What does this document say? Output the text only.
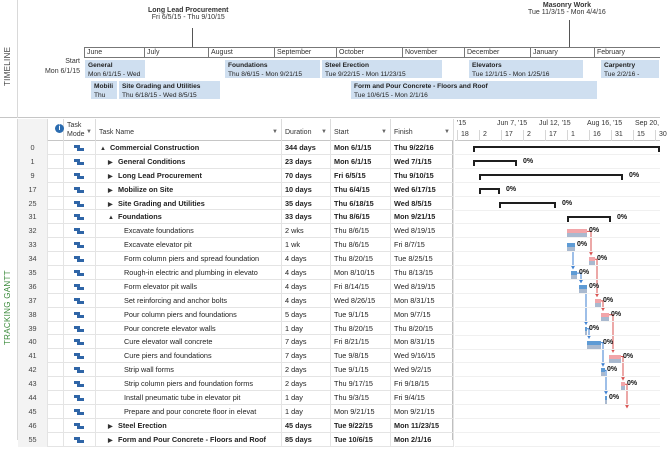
TIMELINE
Long Lead Procurement
Fri 6/5/15 - Thu 9/10/15
Masonry Work
Tue 11/3/15 - Mon 4/4/16
Start
Mon 6/1/15
June	July	August	September	October	November	December	January	February
General
Mon 6/1/15 - Wed
Mobili
Thu
Site Grading and Utilities
Thu 6/18/15 - Wed 8/5/15
Foundations
Thu 8/6/15 - Mon 9/21/15
Steel Erection
Tue 9/22/15 - Mon 11/23/15
Form and Pour Concrete - Floors and Roof
Tue 10/6/15 - Mon 2/1/16
Elevators
Tue 12/1/15 - Mon 1/25/16
Carpentry
Tue 2/2/16 -
TRACKING GANTT
i Task Mode ▼	Task Name	▼	Duration ▼	Start	▼	Finish	▼
0	▲ Commercial Construction	344 days	Mon 6/1/15	Thu 9/22/16
1	▶ General Conditions	23 days	Mon 6/1/15	Wed 7/1/15
9	▶ Long Lead Procurement	70 days	Fri 6/5/15	Thu 9/10/15
17	▶ Mobilize on Site	10 days	Thu 6/4/15	Wed 6/17/15
25	▶ Site Grading and Utilities	35 days	Thu 6/18/15	Wed 8/5/15
31	▲ Foundations	33 days	Thu 8/6/15	Mon 9/21/15
32	Excavate foundations	2 wks	Thu 8/6/15	Wed 8/19/15
33	Excavate elevator pit	1 wk	Thu 8/6/15	Fri 8/7/15
34	Form column piers and spread foundation	4 days	Thu 8/20/15	Tue 8/25/15
35	Rough-in electric and plumbing in elevato	4 days	Mon 8/10/15	Thu 8/13/15
36	Form elevator pit walls	4 days	Fri 8/14/15	Wed 8/19/15
37	Set reinforcing and anchor bolts	4 days	Wed 8/26/15	Mon 8/31/15
38	Pour column piers and foundations	5 days	Tue 9/1/15	Mon 9/7/15
39	Pour concrete elevator walls	1 day	Thu 8/20/15	Thu 8/20/15
40	Cure elevator wall concrete	7 days	Fri 8/21/15	Mon 8/31/15
41	Cure piers and foundations	7 days	Tue 9/8/15	Wed 9/16/15
42	Strip wall forms	2 days	Tue 9/1/15	Wed 9/2/15
43	Strip column piers and foundation forms	2 days	Thu 9/17/15	Fri 9/18/15
44	Install pneumatic tube in elevator pit	1 day	Thu 9/3/15	Fri 9/4/15
45	Prepare and pour concrete floor in elevat	1 day	Mon 9/21/15	Mon 9/21/15
46	▶ Steel Erection	45 days	Tue 9/22/15	Mon 11/23/15
55	▶ Form and Pour Concrete - Floors and Roof	85 days	Tue 10/6/15	Mon 2/1/16
'15	Jun 7, '15 Jul 12, '15 Aug 16, '15 Sep 20,
18 2	17 2	17 1	16 31 15 30
0%
0%
0%
0%
0%
0%
0%
0%
0%
0%
0%
0%
0%
0%
0%
0%
0%
0%
